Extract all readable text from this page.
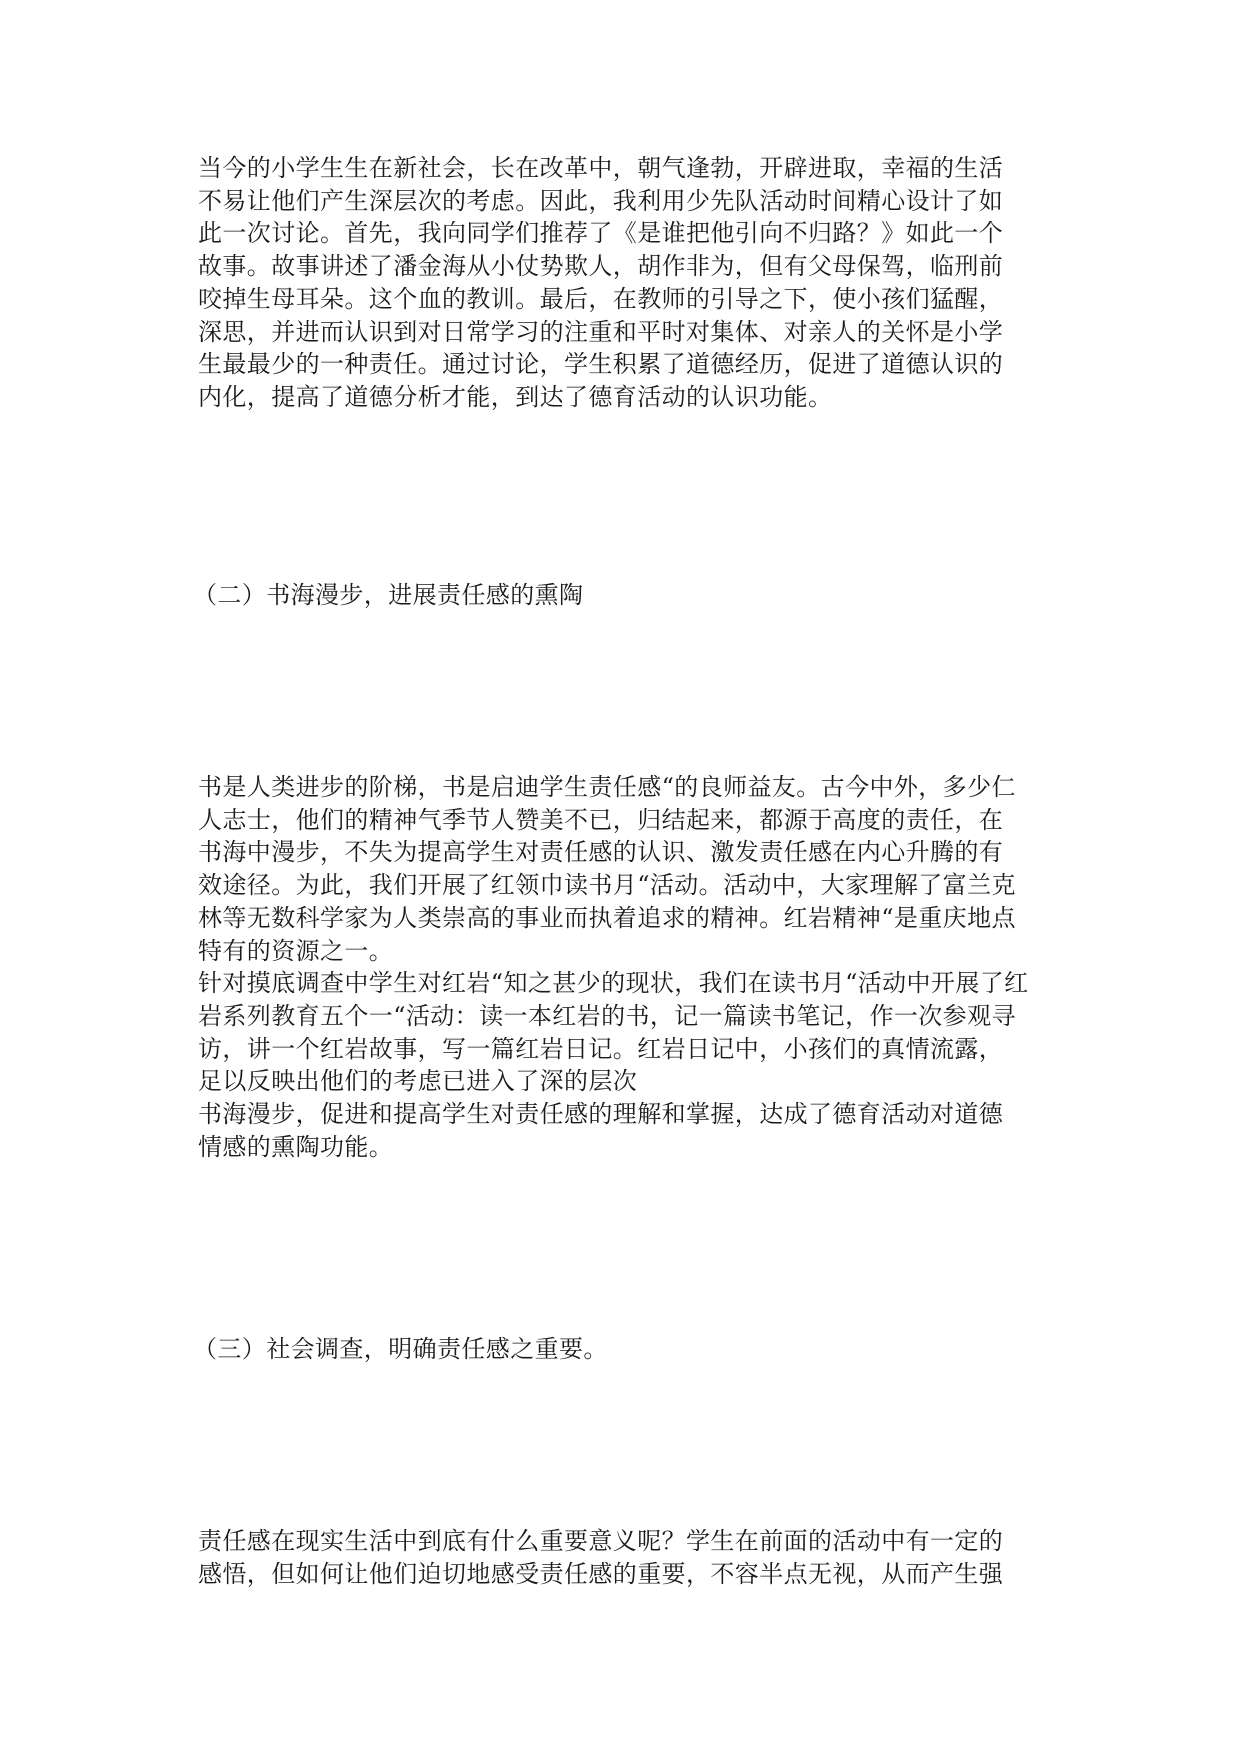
当今的小学生生在新社会，长在改革中，朝气逢勃，开辟进取，幸福的生活
不易让他们产生深层次的考虑。因此，我利用少先队活动时间精心设计了如
此一次讨论。首先，我向同学们推荐了《是谁把他引向不归路？》如此一个
故事。故事讲述了潘金海从小仗势欺人，胡作非为，但有父母保驾，临刑前
咬掉生母耳朵。这个血的教训。最后，在教师的引导之下，使小孩们猛醒，
深思，并进而认识到对日常学习的注重和平时对集体、对亲人的关怀是小学
生最最少的一种责任。通过讨论，学生积累了道德经历，促进了道德认识的
内化，提高了道德分析才能，到达了德育活动的认识功能。
（二）书海漫步，进展责任感的熏陶
书是人类进步的阶梯，书是启迪学生责任感“的良师益友。古今中外，多少仁
人志士，他们的精神气季节人赞美不已，归结起来，都源于高度的责任，在
书海中漫步，不失为提高学生对责任感的认识、激发责任感在内心升腾的有
效途径。为此，我们开展了红领巾读书月“活动。活动中，大家理解了富兰克
林等无数科学家为人类崇高的事业而执着追求的精神。红岩精神“是重庆地点
特有的资源之一。
针对摸底调查中学生对红岩“知之甚少的现状，我们在读书月“活动中开展了红
岩系列教育五个一“活动：读一本红岩的书，记一篇读书笔记，作一次参观寻
访，讲一个红岩故事，写一篇红岩日记。红岩日记中，小孩们的真情流露，
足以反映出他们的考虑已进入了深的层次
书海漫步，促进和提高学生对责任感的理解和掌握，达成了德育活动对道德
情感的熏陶功能。
（三）社会调查，明确责任感之重要。
责任感在现实生活中到底有什么重要意义呢？学生在前面的活动中有一定的
感悟，但如何让他们迫切地感受责任感的重要，不容半点无视，从而产生强
